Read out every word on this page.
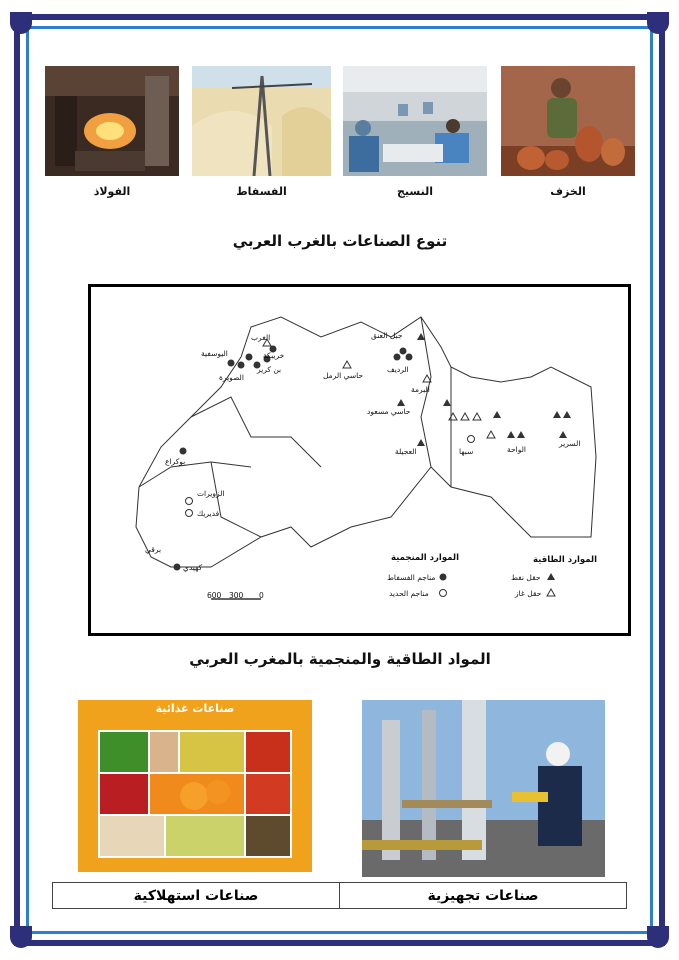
الخزف
النسيج
الفسفاط
الفولاذ
تنوع الصناعات بالغرب العربي
الغرب
خريبكة
بن كرير
اليوسفية
الصويرة
جبل العنق
الرديف
حاسي الرمل
حاسي مسعود
البرمة
العجيلة	سبها	الواحة
السرير
بوكراع
الزويرات
فديريك
برقي
كهيدي
600 300 0
الموارد الطاقية
حقل نفط
حقل غاز
الموارد المنجمية
مناجم الفسفاط
مناجم الحديد
المواد الطاقية والمنجمية بالمغرب العربي
صناعات غذائية
صناعات استهلاكية	صناعات تجهيزية
